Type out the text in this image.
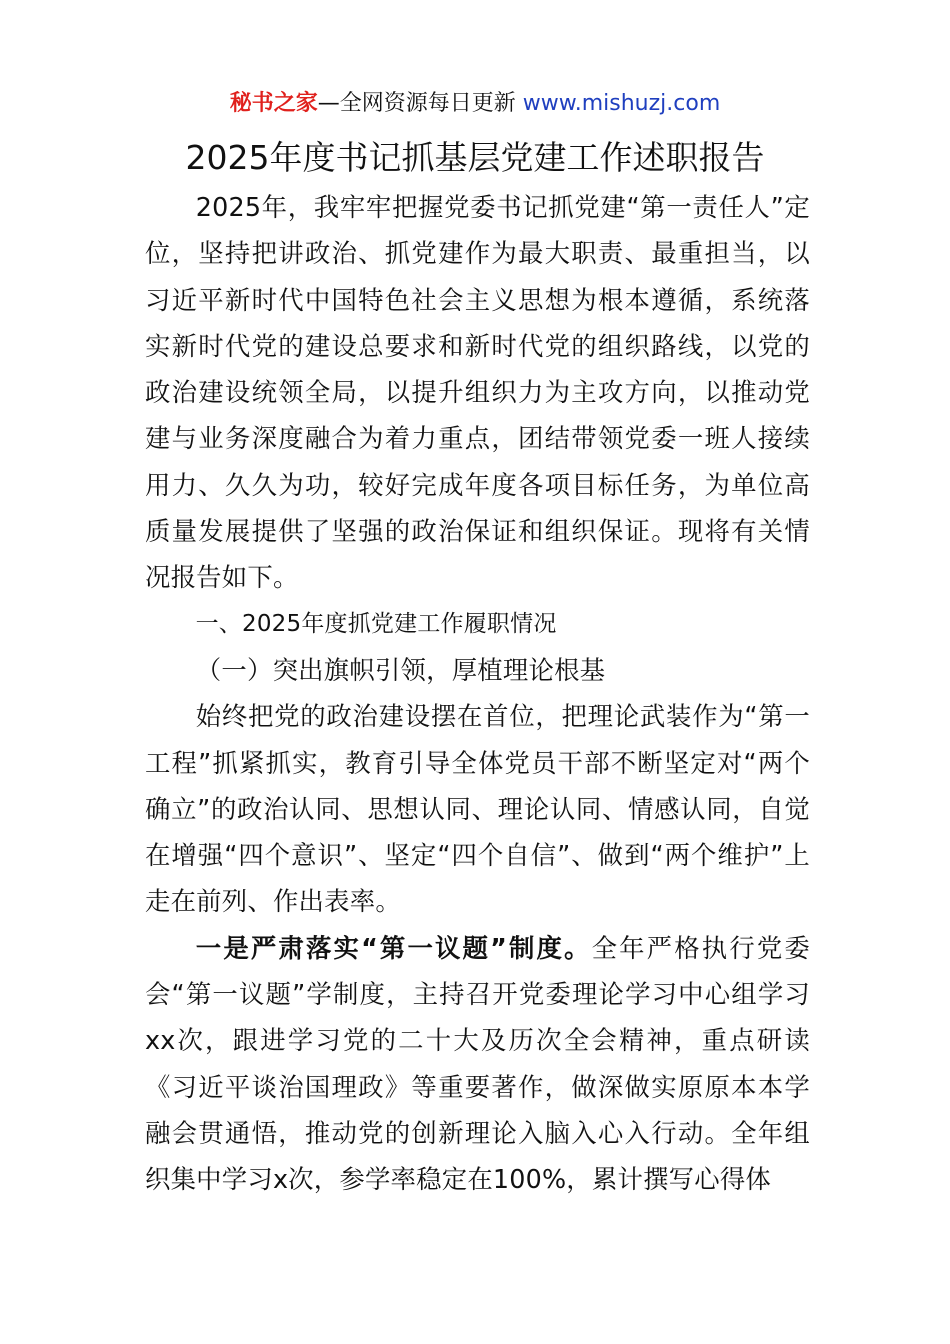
秘书之家—全网资源每日更新 www.mishuzj.com
2025年度书记抓基层党建工作述职报告

2025年，我牢牢把握党委书记抓党建“第一责任人”定位，坚持把讲政治、抓党建作为最大职责、最重担当，以习近平新时代中国特色社会主义思想为根本遵循，系统落实新时代党的建设总要求和新时代党的组织路线，以党的政治建设统领全局，以提升组织力为主攻方向，以推动党建与业务深度融合为着力重点，团结带领党委一班人接续用力、久久为功，较好完成年度各项目标任务，为单位高质量发展提供了坚强的政治保证和组织保证。现将有关情况报告如下。

一、2025年度抓党建工作履职情况

（一）突出旗帜引领，厚植理论根基

始终把党的政治建设摆在首位，把理论武装作为“第一工程”抓紧抓实，教育引导全体党员干部不断坚定对“两个确立”的政治认同、思想认同、理论认同、情感认同，自觉在增强“四个意识”、坚定“四个自信”、做到“两个维护”上走在前列、作出表率。

一是严肃落实“第一议题”制度。全年严格执行党委会“第一议题”学制度，主持召开党委理论学习中心组学习xx次，跟进学习党的二十大及历次全会精神，重点研读《习近平谈治国理政》等重要著作，做深做实原原本本学融会贯通悟，推动党的创新理论入脑入心入行动。全年组织集中学习x次，参学率稳定在100%，累计撰写心得体
